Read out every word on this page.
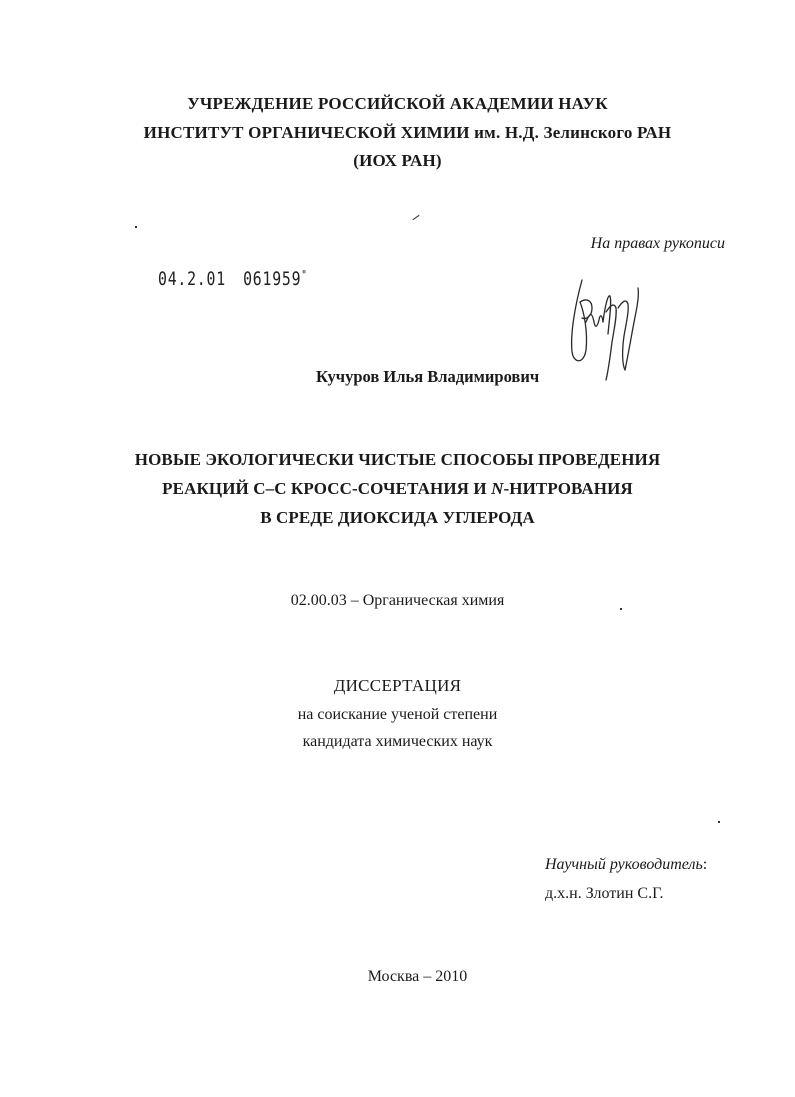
УЧРЕЖДЕНИЕ РОССИЙСКОЙ АКАДЕМИИ НАУК
ИНСТИТУТ ОРГАНИЧЕСКОЙ ХИМИИ им. Н.Д. Зелинского РАН
(ИОХ РАН)
На правах рукописи
04.2.01 061959"
Кучуров Илья Владимирович
НОВЫЕ ЭКОЛОГИЧЕСКИ ЧИСТЫЕ СПОСОБЫ ПРОВЕДЕНИЯ
РЕАКЦИЙ С–С КРОСС-СОЧЕТАНИЯ И N-НИТРОВАНИЯ
В СРЕДЕ ДИОКСИДА УГЛЕРОДА
02.00.03 – Органическая химия
ДИССЕРТАЦИЯ
на соискание ученой степени
кандидата химических наук
Научный руководитель:
д.х.н. Злотин С.Г.
Москва – 2010
